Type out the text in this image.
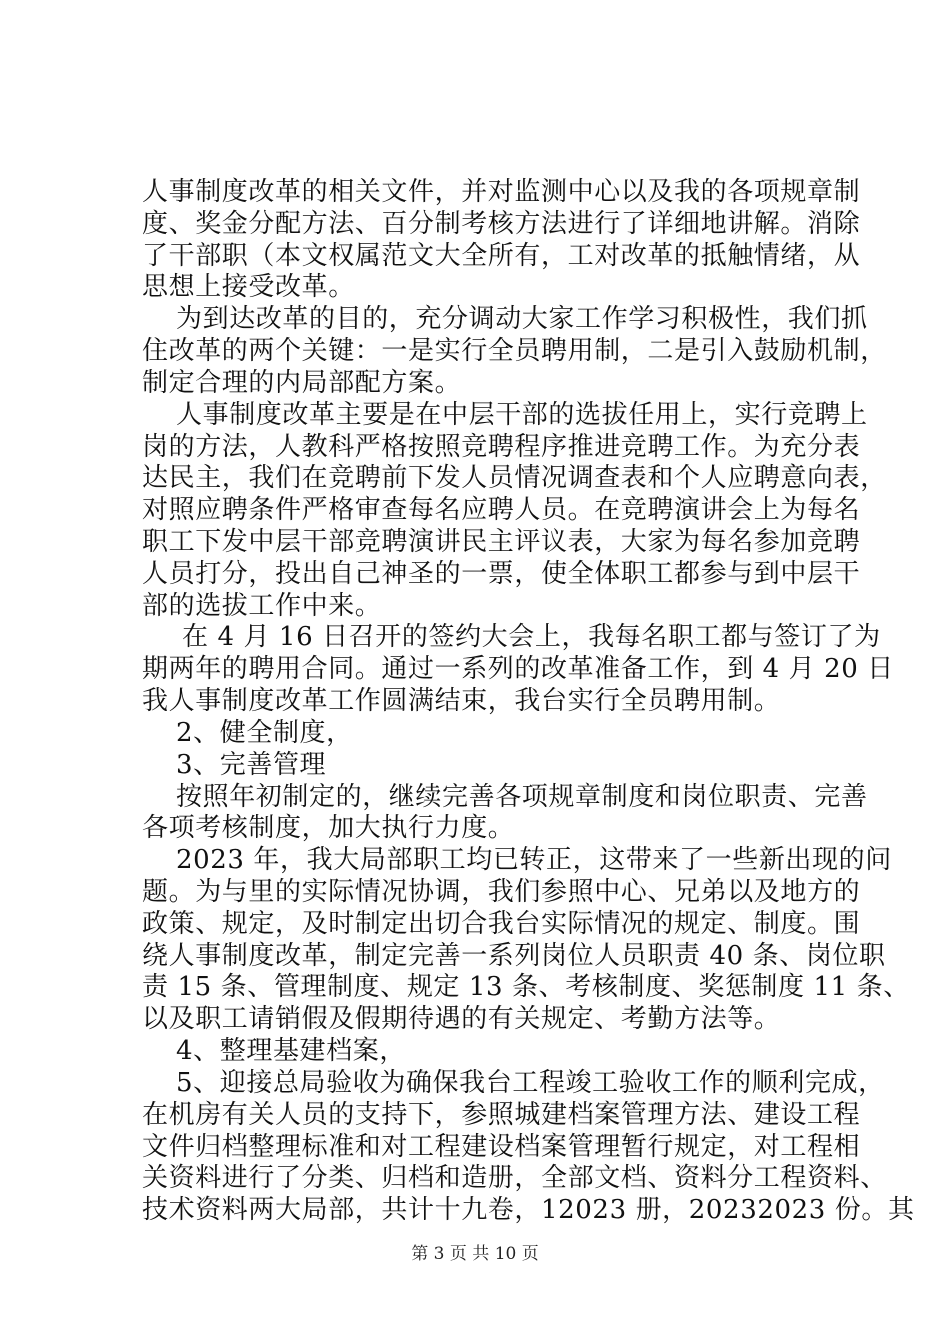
人事制度改革的相关文件，并对监测中心以及我的各项规章制
度、奖金分配方法、百分制考核方法进行了详细地讲解。消除
了干部职（本文权属范文大全所有，工对改革的抵触情绪，从
思想上接受改革。
为到达改革的目的，充分调动大家工作学习积极性，我们抓
住改革的两个关键：一是实行全员聘用制，二是引入鼓励机制，
制定合理的内局部配方案。
人事制度改革主要是在中层干部的选拔任用上，实行竞聘上
岗的方法，人教科严格按照竞聘程序推进竞聘工作。为充分表
达民主，我们在竞聘前下发人员情况调查表和个人应聘意向表，
对照应聘条件严格审查每名应聘人员。在竞聘演讲会上为每名
职工下发中层干部竞聘演讲民主评议表，大家为每名参加竞聘
人员打分，投出自己神圣的一票，使全体职工都参与到中层干
部的选拔工作中来。
在 4 月 16 日召开的签约大会上，我每名职工都与签订了为
期两年的聘用合同。通过一系列的改革准备工作，到 4 月 20 日
我人事制度改革工作圆满结束，我台实行全员聘用制。
2、健全制度，
3、完善管理
按照年初制定的，继续完善各项规章制度和岗位职责、完善
各项考核制度，加大执行力度。
2023 年，我大局部职工均已转正，这带来了一些新出现的问
题。为与里的实际情况协调，我们参照中心、兄弟以及地方的
政策、规定，及时制定出切合我台实际情况的规定、制度。围
绕人事制度改革，制定完善一系列岗位人员职责 40 条、岗位职
责 15 条、管理制度、规定 13 条、考核制度、奖惩制度 11 条、
以及职工请销假及假期待遇的有关规定、考勤方法等。
4、整理基建档案，
5、迎接总局验收为确保我台工程竣工验收工作的顺利完成，
在机房有关人员的支持下，参照城建档案管理方法、建设工程
文件归档整理标准和对工程建设档案管理暂行规定，对工程相
关资料进行了分类、归档和造册，全部文档、资料分工程资料、
技术资料两大局部，共计十九卷，12023 册，20232023 份。其
第 3 页 共 10 页
